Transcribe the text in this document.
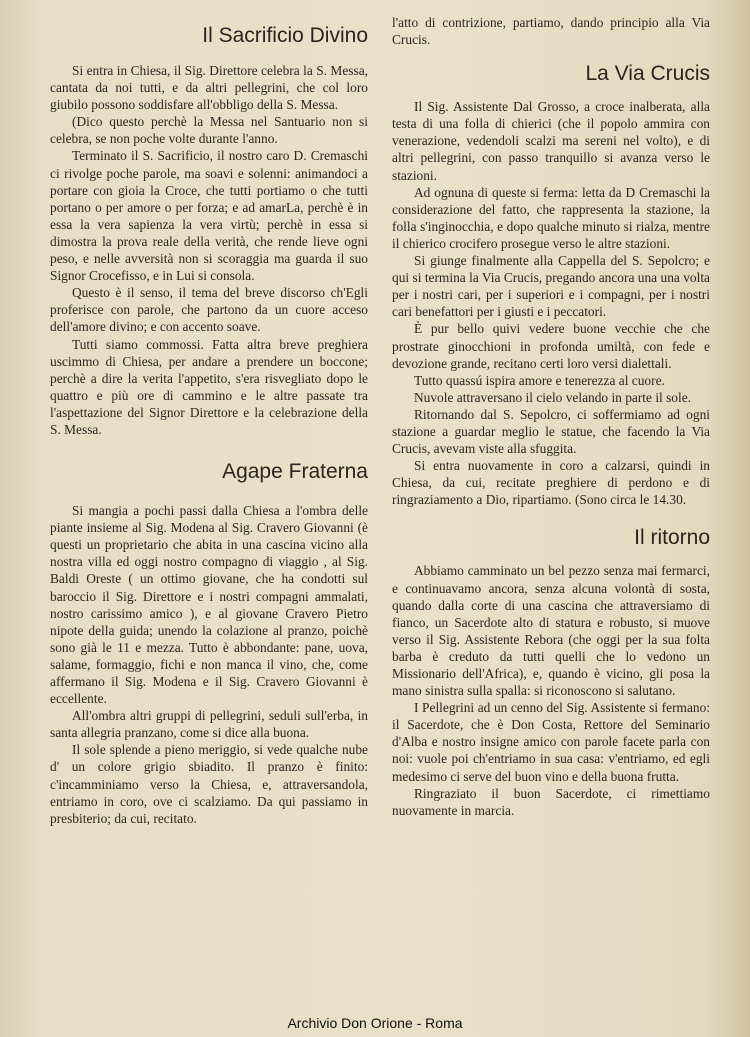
Il Sacrificio Divino

Si entra in Chiesa, il Sig. Direttore celebra la S. Messa, cantata da noi tutti, e da altri pellegrini, che col loro giubilo possono soddisfare all'obbligo della S. Messa.

(Dico questo perchè la Messa nel Santuario non si celebra, se non poche volte durante l'anno.

Terminato il S. Sacrificio, il nostro caro D. Cremaschi ci rivolge poche parole, ma soavi e solenni: animandoci a portare con gioia la Croce, che tutti portiamo o che tutti portano o per amore o per forza; e ad amarLa, perchè è in essa la vera sapienza la vera virtù; perchè in essa si dimostra la prova reale della verità, che rende lieve ogni peso, e nelle avversità non si scoraggia ma guarda il suo Signor Crocefisso, e in Lui si consola.

Questo è il senso, il tema del breve discorso ch'Egli proferisce con parole, che partono da un cuore acceso dell'amore divino; e con accento soave.

Tutti siamo commossi. Fatta altra breve preghiera uscimmo di Chiesa, per andare a prendere un boccone; perchè a dire la verita l'appetito, s'era risvegliato dopo le quattro e più ore di cammino e le altre passate tra l'aspettazione del Signor Direttore e la celebrazione della S. Messa.

Agape Fraterna

Si mangia a pochi passi dalla Chiesa a l'ombra delle piante insieme al Sig. Modena al Sig. Cravero Giovanni (è questi un proprietario che abita in una cascina vicino alla nostra villa ed oggi nostro compagno di viaggio , al Sig. Baldi Oreste ( un ottimo giovane, che ha condotti sul baroccio il Sig. Direttore e i nostri compagni ammalati, nostro carissimo amico ), e al giovane Cravero Pietro nipote della guida; unendo la colazione al pranzo, poichè sono già le 11 e mezza. Tutto è abbondante: pane, uova, salame, formaggio, fichi e non manca il vino, che, come affermano il Sig. Modena e il Sig. Cravero Giovanni è eccellente.

All'ombra altri gruppi di pellegrini, seduli sull'erba, in santa allegria pranzano, come si dice alla buona.

Il sole splende a pieno meriggio, si vede qualche nube d' un colore grigio sbiadito. Il pranzo è finito: c'incamminiamo verso la Chiesa, e, attraversandola, entriamo in coro, ove ci scalziamo. Da qui passiamo in presbiterio; da cui, recitato.

l'atto di contrizione, partiamo, dando principio alla Via Crucis.

La Via Crucis

Il Sig. Assistente Dal Grosso, a croce inalberata, alla testa di una folla di chierici (che il popolo ammira con venerazione, vedendoli scalzi ma sereni nel volto), e di altri pellegrini, con passo tranquillo si avanza verso le stazioni.

Ad ognuna di queste si ferma: letta da D Cremaschi la considerazione del fatto, che rappresenta la stazione, la folla s'inginocchia, e dopo qualche minuto si rialza, mentre il chierico crocifero prosegue verso le altre stazioni.

Si giunge finalmente alla Cappella del S. Sepolcro; e qui si termina la Via Crucis, pregando ancora una una volta per i nostri cari, per i superiori e i compagni, per i nostri cari benefattori per i giusti e i peccatori.

È pur bello quivi vedere buone vecchie che che prostrate ginocchioni in profonda umiltà, con fede e devozione grande, recitano certi loro versi dialettali.

Tutto quassú ispira amore e tenerezza al cuore.

Nuvole attraversano il cielo velando in parte il sole.

Ritornando dal S. Sepolcro, ci soffermiamo ad ogni stazione a guardar meglio le statue, che facendo la Via Crucis, avevam viste alla sfuggita.

Si entra nuovamente in coro a calzarsi, quindi in Chiesa, da cui, recitate preghiere di perdono e di ringraziamento a Dio, ripartiamo. (Sono circa le 14.30.

Il ritorno

Abbiamo camminato un bel pezzo senza mai fermarci, e continuavamo ancora, senza alcuna volontà di sosta, quando dalla corte di una cascina che attraversiamo di fianco, un Sacerdote alto di statura e robusto, si muove verso il Sig. Assistente Rebora (che oggi per la sua folta barba è creduto da tutti quelli che lo vedono un Missionario dell'Africa), e, quando è vicino, gli posa la mano sinistra sulla spalla: si riconoscono si salutano.

I Pellegrini ad un cenno del Sig. Assistente si fermano: il Sacerdote, che è Don Costa, Rettore del Seminario d'Alba e nostro insigne amico con parole facete parla con noi: vuole poi ch'entriamo in sua casa: v'entriamo, ed egli medesimo ci serve del buon vino e della buona frutta.

Ringraziato il buon Sacerdote, ci rimettiamo nuovamente in marcia.

Archivio Don Orione - Roma
